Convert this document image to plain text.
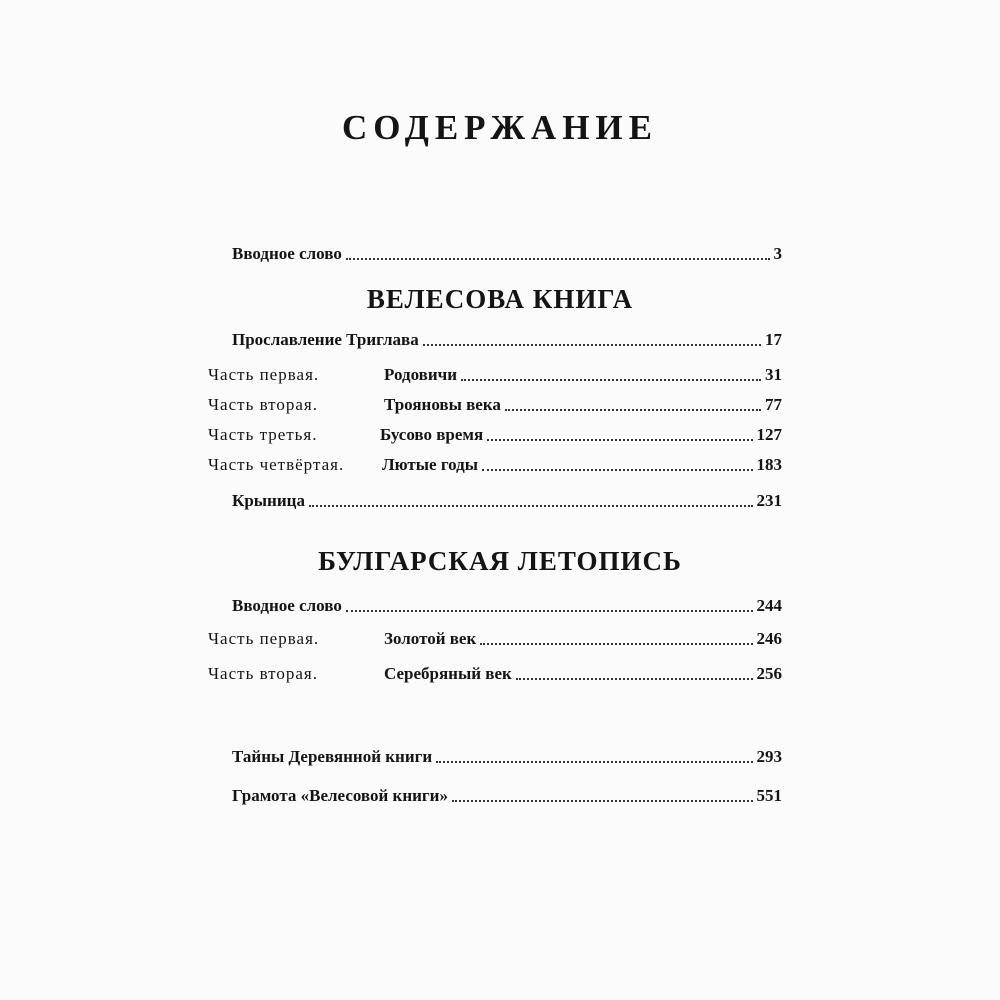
СОДЕРЖАНИЕ
Вводное слово	3
ВЕЛЕСОВА КНИГА
Прославление Триглава	17
Часть первая.	Родовичи	31
Часть вторая.	Трояновы века	77
Часть третья.	Бусово время	127
Часть четвёртая.	Лютые годы	183
Крыница	231
БУЛГАРСКАЯ ЛЕТОПИСЬ
Вводное слово	244
Часть первая.	Золотой век	246
Часть вторая.	Серебряный век	256
Тайны Деревянной книги	293
Грамота «Велесовой книги»	551
